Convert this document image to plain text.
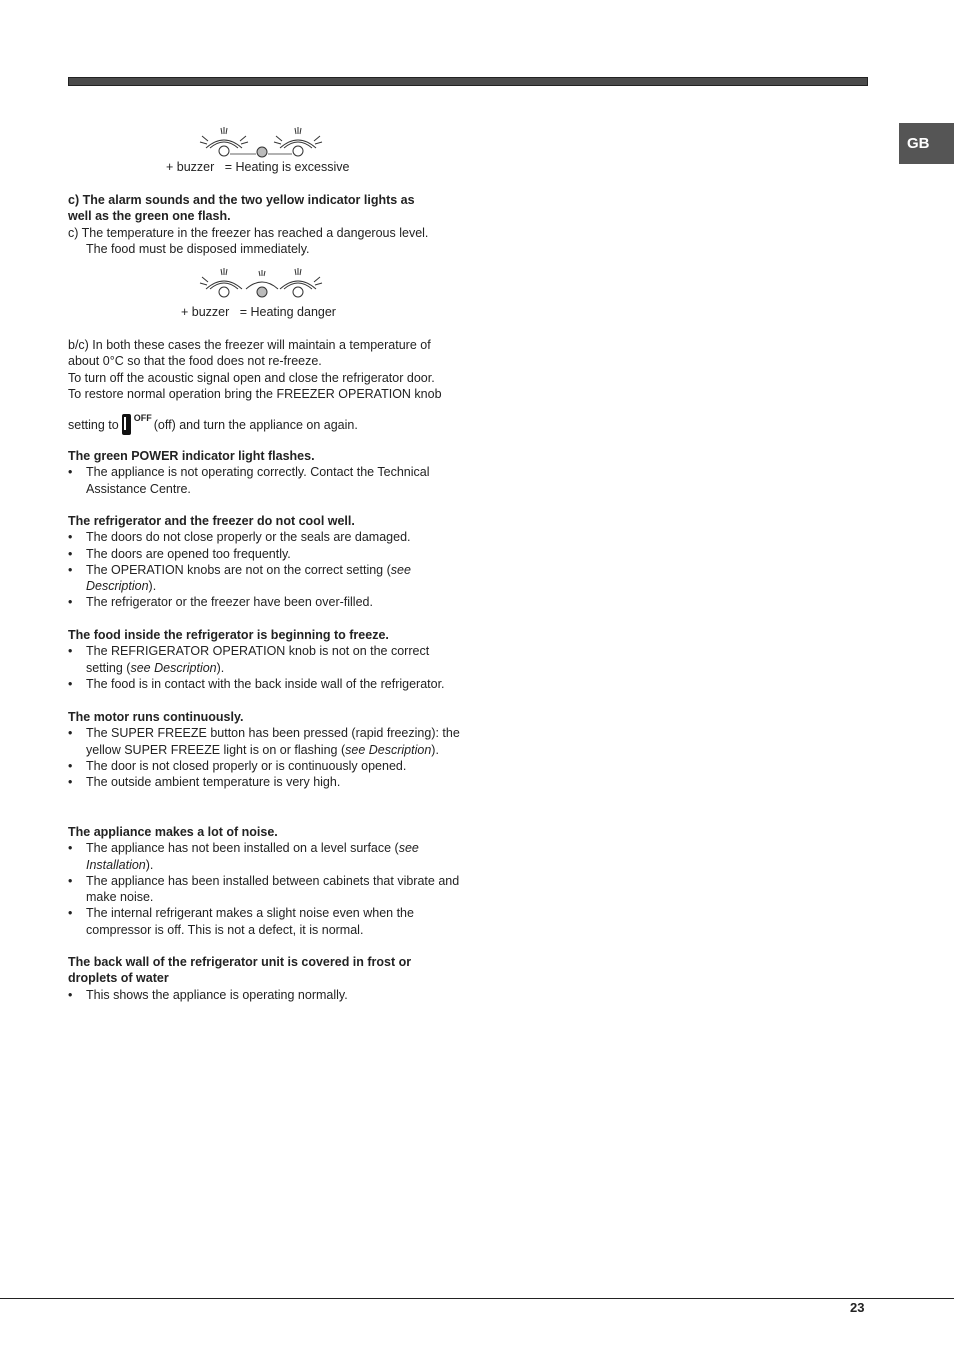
GB
+ buzzer = Heating is excessive
c) The alarm sounds and the two yellow indicator lights as
well as the green one flash.
c) The temperature in the freezer has reached a dangerous level.
The food must be disposed immediately.
+ buzzer = Heating danger
b/c) In both these cases the freezer will maintain a temperature of
about 0°C so that the food does not re-freeze.
To turn off the acoustic signal open and close the refrigerator door.
To restore normal operation bring the FREEZER OPERATION knob
setting to $^{OFF}$ (off) and turn the appliance on again.
The green POWER indicator light flashes.
• The appliance is not operating correctly. Contact the Technical Assistance Centre.
The refrigerator and the freezer do not cool well.
• The doors do not close properly or the seals are damaged.
• The doors are opened too frequently.
• The OPERATION knobs are not on the correct setting (see Description).
• The refrigerator or the freezer have been over-filled.
The food inside the refrigerator is beginning to freeze.
• The REFRIGERATOR OPERATION knob is not on the correct setting (see Description).
• The food is in contact with the back inside wall of the refrigerator.
The motor runs continuously.
• The SUPER FREEZE button has been pressed (rapid freezing): the yellow SUPER FREEZE light is on or flashing (see Description).
• The door is not closed properly or is continuously opened.
• The outside ambient temperature is very high.
The appliance makes a lot of noise.
• The appliance has not been installed on a level surface (see Installation).
• The appliance has been installed between cabinets that vibrate and make noise.
• The internal refrigerant makes a slight noise even when the compressor is off. This is not a defect, it is normal.
The back wall of the refrigerator unit is covered in frost or droplets of water
• This shows the appliance is operating normally.
23
